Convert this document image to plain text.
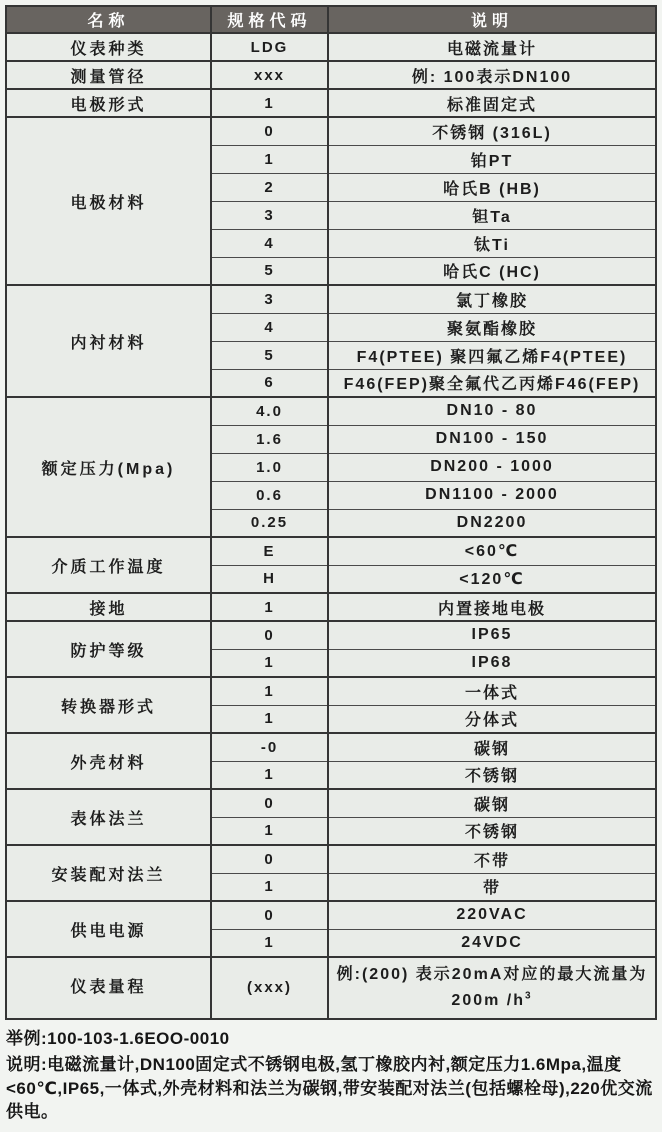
名称	规格代码	说明
仪表种类	LDG	电磁流量计
测量管径	xxx	例: 100表示DN100
电极形式	1	标准固定式
电极材料	0	不锈钢 (316L)
	1	铂PT
	2	哈氏B (HB)
	3	钽Ta
	4	钛Ti
	5	哈氏C (HC)
内衬材料	3	氯丁橡胶
	4	聚氨酯橡胶
	5	F4(PTEE) 聚四氟乙烯F4(PTEE)
	6	F46(FEP)聚全氟代乙丙烯F46(FEP)
额定压力(Mpa)	4.0	DN10 - 80
	1.6	DN100 - 150
	1.0	DN200 - 1000
	0.6	DN1100 - 2000
	0.25	DN2200
介质工作温度	E	<60℃
	H	<120℃
接地	1	内置接地电极
防护等级	0	IP65
	1	IP68
转换器形式	1	一体式
	1	分体式
外壳材料	-0	碳钢
	1	不锈钢
表体法兰	0	碳钢
	1	不锈钢
安装配对法兰	0	不带
	1	带
供电电源	0	220VAC
	1	24VDC
仪表量程	(xxx)	例:(200) 表示20mA对应的最大流量为200m $/h^3$

举例:100-103-1.6EOO-0010

说明:电磁流量计,DN100固定式不锈钢电极,氢丁橡胶内衬,额定压力1.6Mpa,温度<60℃,IP65,一体式,外壳材料和法兰为碳钢,带安装配对法兰(包括螺栓母),220优交流供电。
